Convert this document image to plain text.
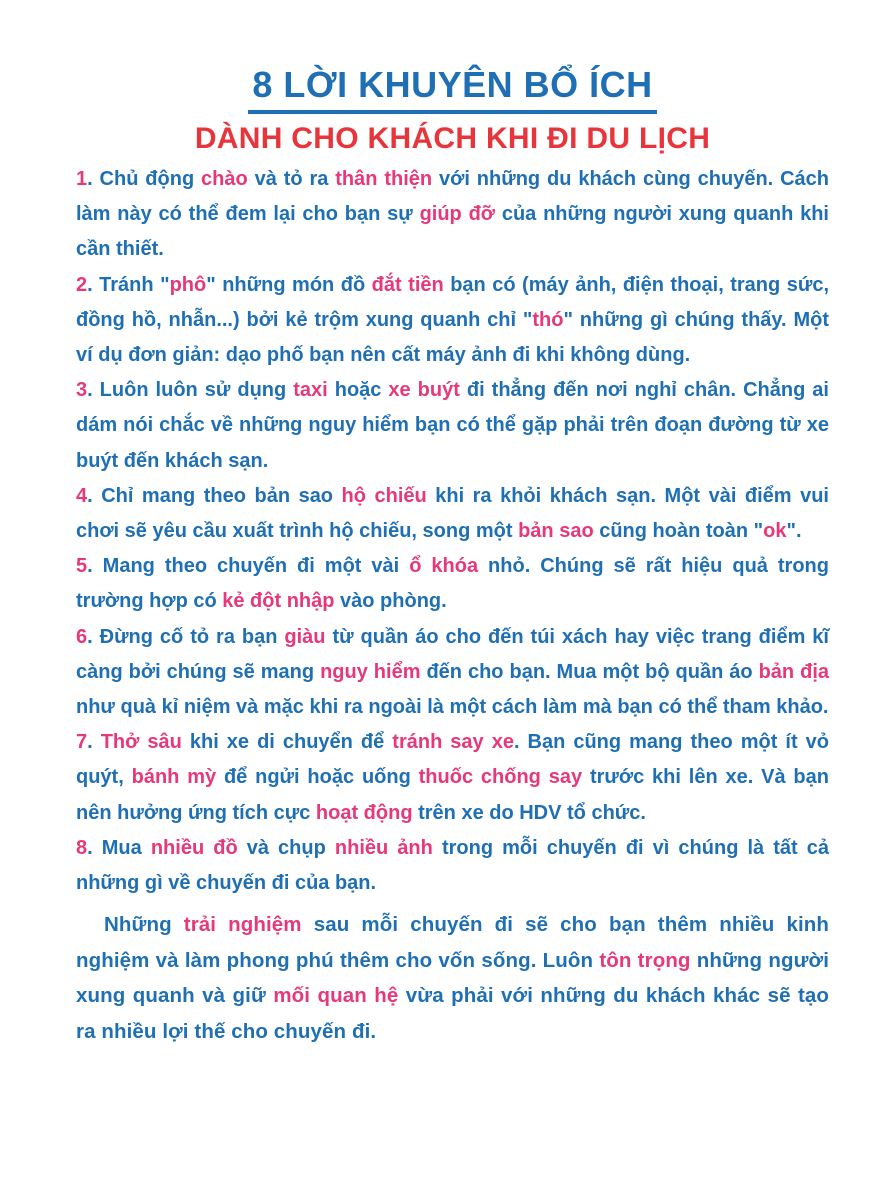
8 LỜI KHUYÊN BỔ ÍCH
DÀNH CHO KHÁCH KHI ĐI DU LỊCH

1. Chủ động chào và tỏ ra thân thiện với những du khách cùng chuyến. Cách làm này có thể đem lại cho bạn sự giúp đỡ của những người xung quanh khi cần thiết.

2. Tránh "phô" những món đồ đắt tiền bạn có (máy ảnh, điện thoại, trang sức, đồng hồ, nhẫn...) bởi kẻ trộm xung quanh chỉ "thó" những gì chúng thấy. Một ví dụ đơn giản: dạo phố bạn nên cất máy ảnh đi khi không dùng.

3. Luôn luôn sử dụng taxi hoặc xe buýt đi thẳng đến nơi nghỉ chân. Chẳng ai dám nói chắc về những nguy hiểm bạn có thể gặp phải trên đoạn đường từ xe buýt đến khách sạn.

4. Chỉ mang theo bản sao hộ chiếu khi ra khỏi khách sạn. Một vài điểm vui chơi sẽ yêu cầu xuất trình hộ chiếu, song một bản sao cũng hoàn toàn "ok".

5. Mang theo chuyến đi một vài ổ khóa nhỏ. Chúng sẽ rất hiệu quả trong trường hợp có kẻ đột nhập vào phòng.

6. Đừng cố tỏ ra bạn giàu từ quần áo cho đến túi xách hay việc trang điểm kĩ càng bởi chúng sẽ mang nguy hiểm đến cho bạn. Mua một bộ quần áo bản địa như quà kỉ niệm và mặc khi ra ngoài là một cách làm mà bạn có thể tham khảo.

7. Thở sâu khi xe di chuyển để tránh say xe. Bạn cũng mang theo một ít vỏ quýt, bánh mỳ để ngửi hoặc uống thuốc chống say trước khi lên xe. Và bạn nên hưởng ứng tích cực hoạt động trên xe do HDV tổ chức.

8. Mua nhiều đồ và chụp nhiều ảnh trong mỗi chuyến đi vì chúng là tất cả những gì về chuyến đi của bạn.

Những trải nghiệm sau mỗi chuyến đi sẽ cho bạn thêm nhiều kinh nghiệm và làm phong phú thêm cho vốn sống. Luôn tôn trọng những người xung quanh và giữ mối quan hệ vừa phải với những du khách khác sẽ tạo ra nhiều lợi thế cho chuyến đi.
